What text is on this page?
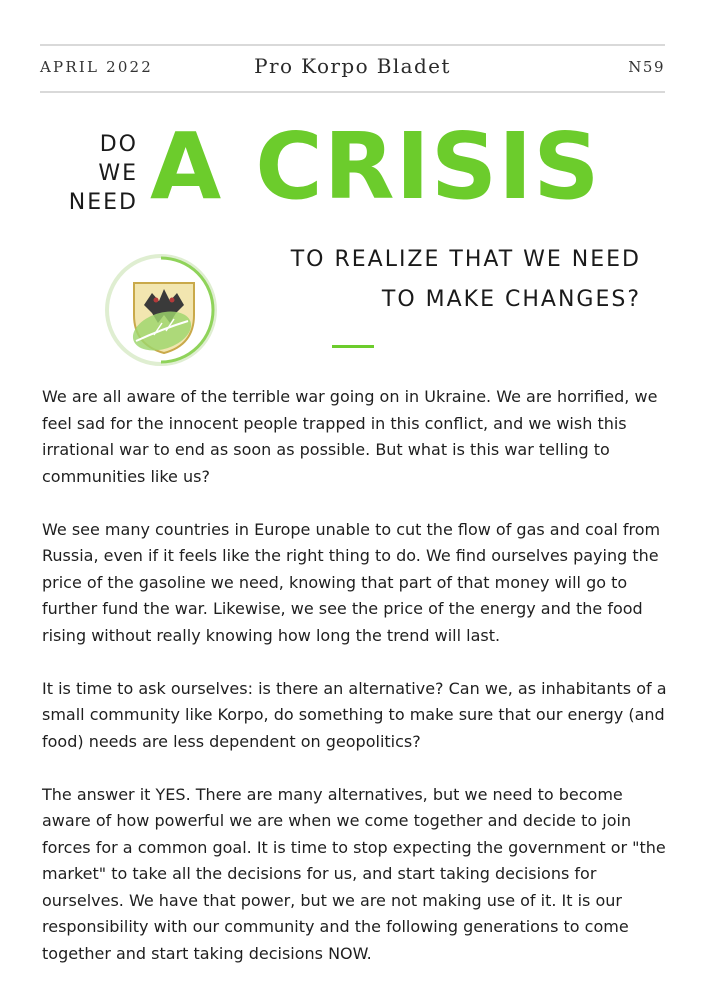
APRIL 2022	Pro Korpo Bladet	N59
DO
WE
NEED A CRISIS
TO REALIZE THAT WE NEED
TO MAKE CHANGES?

We are all aware of the terrible war going on in Ukraine. We are horrified, we feel sad for the innocent people trapped in this conflict, and we wish this irrational war to end as soon as possible. But what is this war telling to communities like us?

We see many countries in Europe unable to cut the flow of gas and coal from Russia, even if it feels like the right thing to do. We find ourselves paying the price of the gasoline we need, knowing that part of that money will go to further fund the war. Likewise, we see the price of the energy and the food rising without really knowing how long the trend will last.

It is time to ask ourselves: is there an alternative? Can we, as inhabitants of a small community like Korpo, do something to make sure that our energy (and food) needs are less dependent on geopolitics?

The answer it YES. There are many alternatives, but we need to become aware of how powerful we are when we come together and decide to join forces for a common goal. It is time to stop expecting the government or "the market" to take all the decisions for us, and start taking decisions for ourselves. We have that power, but we are not making use of it. It is our responsibility with our community and the following generations to come together and start taking decisions NOW.
